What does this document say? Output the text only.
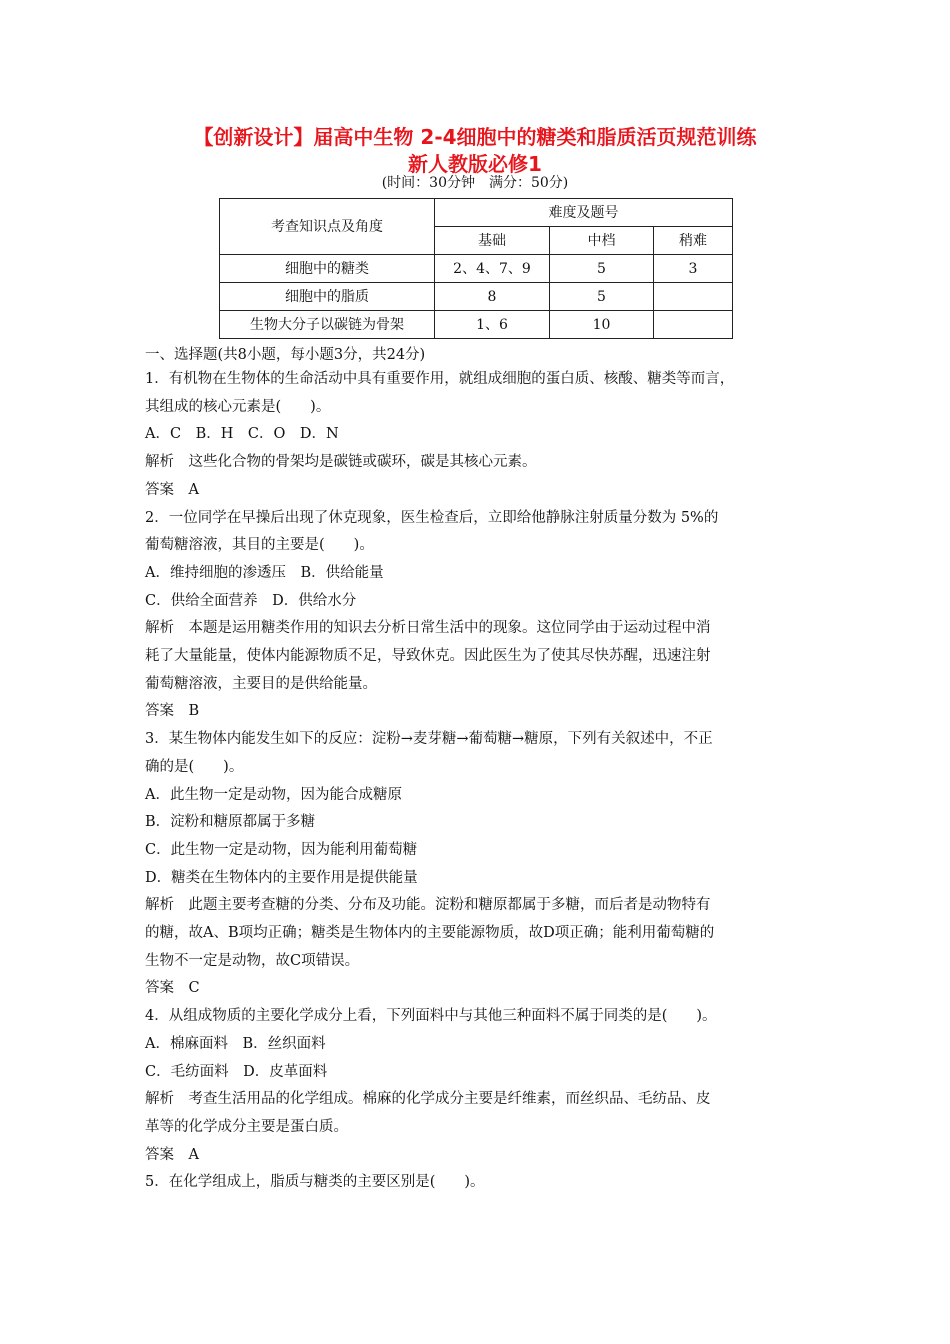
【创新设计】届高中生物 2-4细胞中的糖类和脂质活页规范训练
新人教版必修1
(时间：30分钟　满分：50分)
考查知识点及角度	难度及题号		
	基础	中档	稍难
细胞中的糖类	2、4、7、9	5	3
细胞中的脂质	8	5	
生物大分子以碳链为骨架	1、6	10	

一、选择题(共8小题，每小题3分，共24分)

1．有机物在生物体的生命活动中具有重要作用，就组成细胞的蛋白质、核酸、糖类等而言，

其组成的核心元素是(　　)。

A．C　B．H　C．O　D．N

解析　这些化合物的骨架均是碳链或碳环，碳是其核心元素。

答案　A

2．一位同学在早操后出现了休克现象，医生检查后，立即给他静脉注射质量分数为 5%的

葡萄糖溶液，其目的主要是(　　)。

A．维持细胞的渗透压　B．供给能量

C．供给全面营养　D．供给水分

解析　本题是运用糖类作用的知识去分析日常生活中的现象。这位同学由于运动过程中消

耗了大量能量，使体内能源物质不足，导致休克。因此医生为了使其尽快苏醒，迅速注射

葡萄糖溶液，主要目的是供给能量。

答案　B

3．某生物体内能发生如下的反应：淀粉→麦芽糖→葡萄糖→糖原，下列有关叙述中，不正

确的是(　　)。

A．此生物一定是动物，因为能合成糖原

B．淀粉和糖原都属于多糖

C．此生物一定是动物，因为能利用葡萄糖

D．糖类在生物体内的主要作用是提供能量

解析　此题主要考查糖的分类、分布及功能。淀粉和糖原都属于多糖，而后者是动物特有

的糖，故A、B项均正确；糖类是生物体内的主要能源物质，故D项正确；能利用葡萄糖的

生物不一定是动物，故C项错误。

答案　C

4．从组成物质的主要化学成分上看，下列面料中与其他三种面料不属于同类的是(　　)。

A．棉麻面料　B．丝织面料

C．毛纺面料　D．皮革面料

解析　考查生活用品的化学组成。棉麻的化学成分主要是纤维素，而丝织品、毛纺品、皮

革等的化学成分主要是蛋白质。

答案　A

5．在化学组成上，脂质与糖类的主要区别是(　　)。
